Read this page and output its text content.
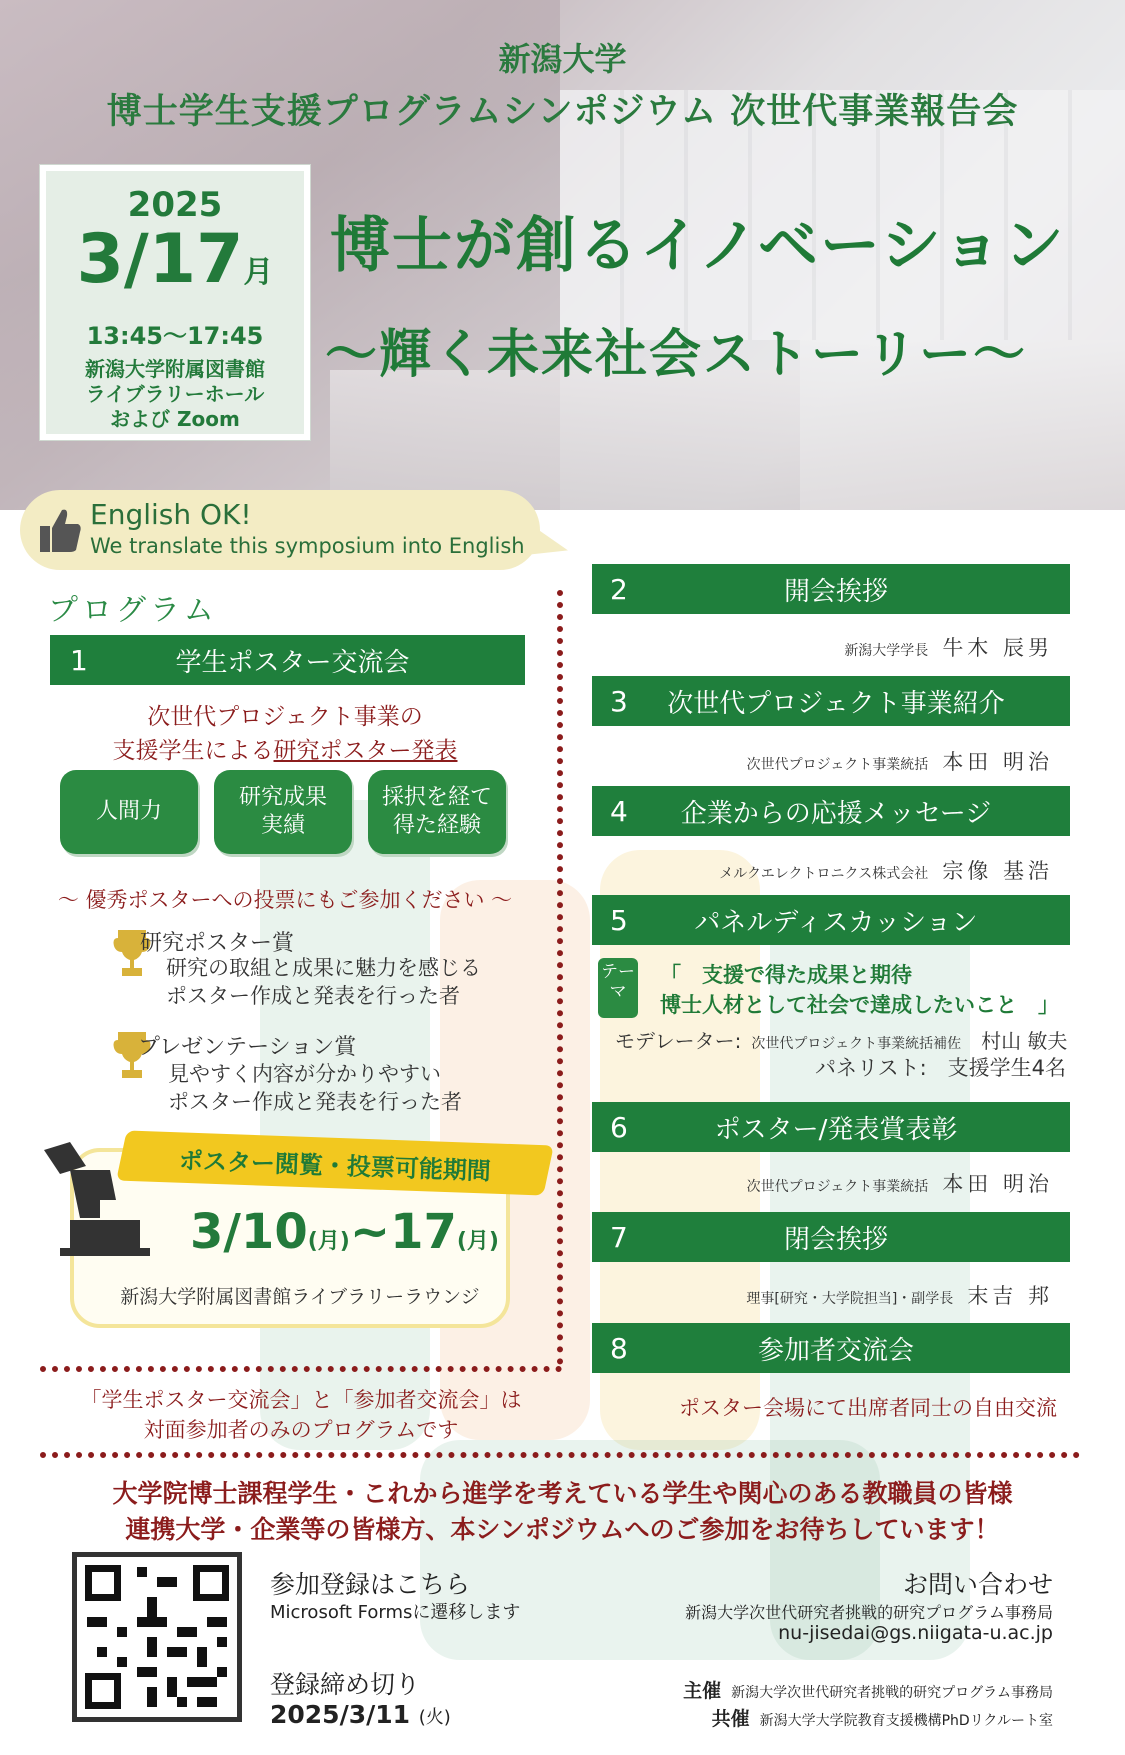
新潟大学
博士学生支援プログラムシンポジウム 次世代事業報告会
2025
3/17月
13:45～17:45
新潟大学附属図書館
ライブラリーホール
および Zoom
博士が創るイノベーション
～輝く未来社会ストーリー～
English OK!
We translate this symposium into English.
プログラム
1	学生ポスター交流会
次世代プロジェクト事業の
支援学生による研究ポスター発表
人間力
研究成果
実績
採択を経て
得た経験
～ 優秀ポスターへの投票にもご参加ください ～
研究ポスター賞
研究の取組と成果に魅力を感じる
ポスター作成と発表を行った者
プレゼンテーション賞
見やすく内容が分かりやすい
ポスター作成と発表を行った者
ポスター閲覧・投票可能期間
3/10(月)~17(月)
新潟大学附属図書館ライブラリーラウンジ
「学生ポスター交流会」と「参加者交流会」は
対面参加者のみのプログラムです
2	開会挨拶
新潟大学学長 牛木 辰男
3	次世代プロジェクト事業紹介
次世代プロジェクト事業統括 本田 明治
4	企業からの応援メッセージ
メルクエレクトロニクス株式会社 宗像 基浩
5	パネルディスカッション
テーマ
「　支援で得た成果と期待
博士人材として社会で達成したいこと　」
モデレーター: 次世代プロジェクト事業統括補佐 村山 敏夫
パネリスト:　 支援学生4名
6	ポスター/発表賞表彰
次世代プロジェクト事業統括 本田 明治
7	閉会挨拶
理事[研究・大学院担当]・副学長 末吉 邦
8	参加者交流会
ポスター会場にて出席者同士の自由交流
大学院博士課程学生・これから進学を考えている学生や関心のある教職員の皆様
連携大学・企業等の皆様方、本シンポジウムへのご参加をお待ちしています！
参加登録はこちら
Microsoft Formsに遷移します
登録締め切り
2025/3/11 (火)
お問い合わせ
新潟大学次世代研究者挑戦的研究プログラム事務局
nu-jisedai@gs.niigata-u.ac.jp
主催 新潟大学次世代研究者挑戦的研究プログラム事務局
共催 新潟大学大学院教育支援機構PhDリクルート室
